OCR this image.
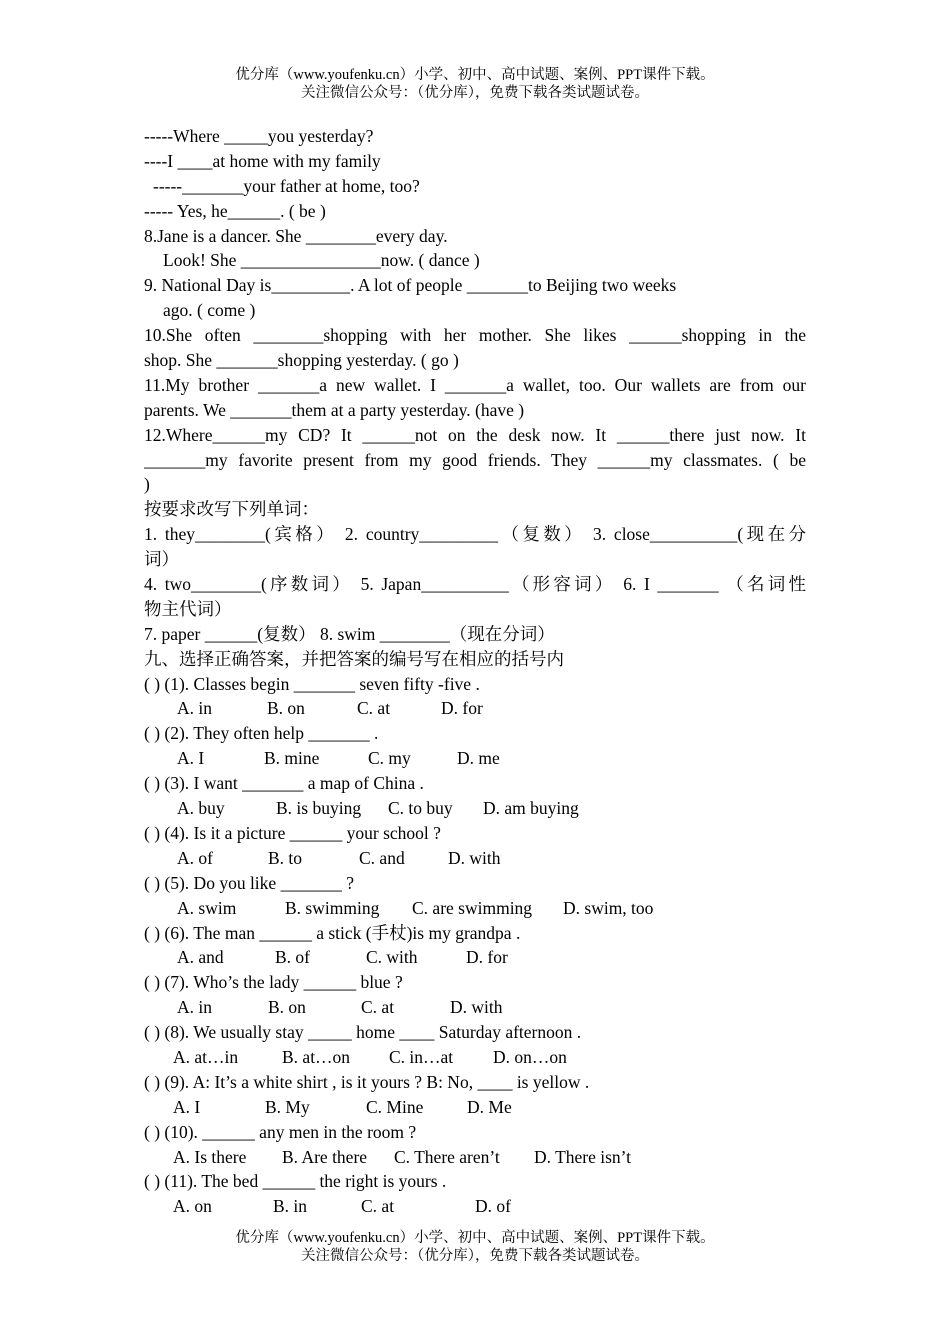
优分库（www.youfenku.cn）小学、初中、高中试题、案例、PPT课件下载。
关注微信公众号：（优分库），免费下载各类试题试卷。
-----Where _____you yesterday?
----I ____at home with my family
-----_______your father at home, too?
----- Yes, he______. ( be )
8.Jane is a dancer. She ________every day.
Look! She ________________now. ( dance )
9. National Day is_________. A lot of people _______to Beijing two weeks
ago. ( come )
10.She often ________shopping with her mother. She likes ______shopping in the
shop. She _______shopping yesterday. ( go )
11.My brother _______a new wallet. I _______a wallet, too. Our wallets are from our
parents. We _______them at a party yesterday. (have )
12.Where______my CD? It ______not on the desk now. It ______there just now. It
_______my favorite present from my good friends. They ______my classmates. ( be
)
按要求改写下列单词：
1. they________(宾格） 2. country_________（复数） 3. close__________(现在分
词）
4. two________(序数词） 5. Japan__________（形容词） 6. I _______ （名词性
物主代词）
7. paper ______(复数） 8. swim ________（现在分词）
九、选择正确答案，并把答案的编号写在相应的括号内
( ) (1). Classes begin _______ seven fifty -five .
A. in	B. on	C. at	D. for
( ) (2). They often help _______ .
A. I	B. mine	C. my	D. me
( ) (3). I want _______ a map of China .
A. buy	B. is buying C. to buy D. am buying
( ) (4). Is it a picture ______ your school ?
A. of	B. to	C. and D. with
( ) (5). Do you like _______ ?
A. swim	B. swimming C. are swimming D. swim, too
( ) (6). The man ______ a stick (手杖)is my grandpa .
A. and	B. of	C. with	D. for
( ) (7). Who’s the lady ______ blue ?
A. in	B. on	C. at	D. with
( ) (8). We usually stay _____ home ____ Saturday afternoon .
A. at…in	B. at…on C. in…at D. on…on
( ) (9). A: It’s a white shirt , is it yours ? B: No, ____ is yellow .
A. I	B. My	C. Mine D. Me
( ) (10). ______ any men in the room ?
A. Is there B. Are there C. There aren’t D. There isn’t
( ) (11). The bed ______ the right is yours .
A. on	B. in	C. at	D. of
优分库（www.youfenku.cn）小学、初中、高中试题、案例、PPT课件下载。
关注微信公众号：（优分库），免费下载各类试题试卷。
